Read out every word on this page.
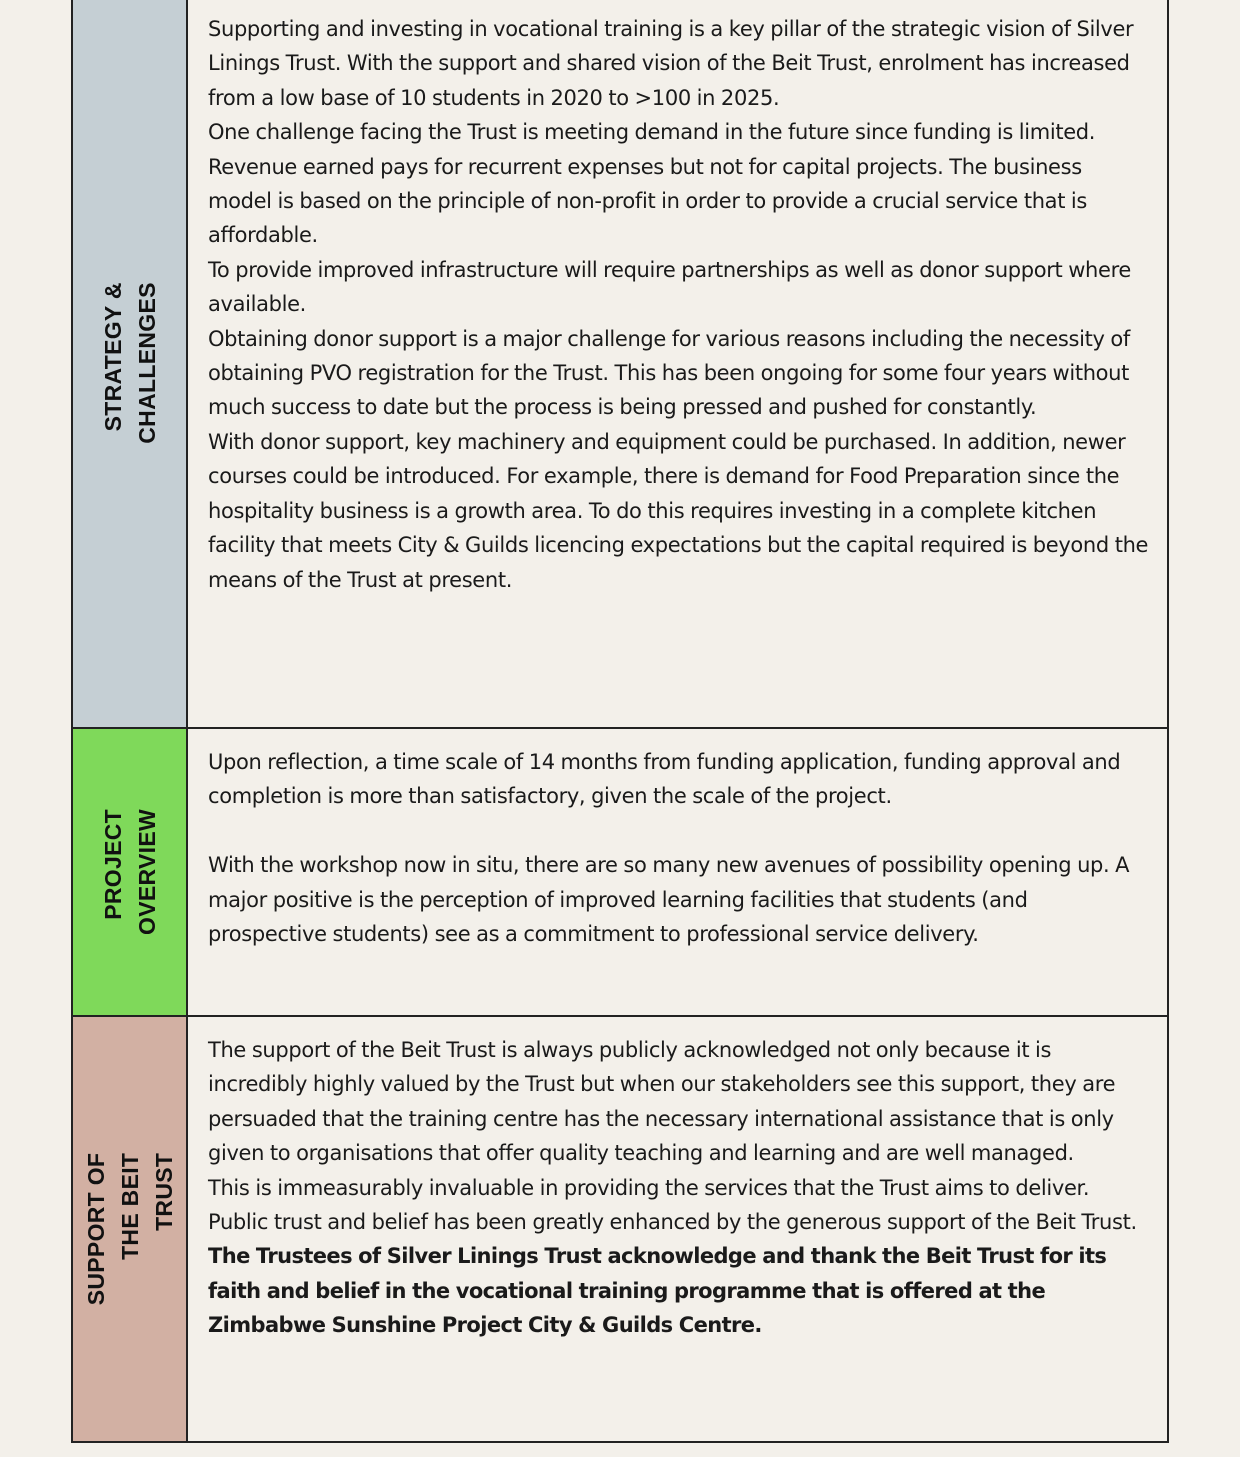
STRATEGY &
CHALLENGES

Supporting and investing in vocational training is a key pillar of the strategic vision of Silver Linings Trust. With the support and shared vision of the Beit Trust, enrolment has increased from a low base of 10 students in 2020 to >100 in 2025.

One challenge facing the Trust is meeting demand in the future since funding is limited. Revenue earned pays for recurrent expenses but not for capital projects. The business model is based on the principle of non-profit in order to provide a crucial service that is affordable.

To provide improved infrastructure will require partnerships as well as donor support where available.

Obtaining donor support is a major challenge for various reasons including the necessity of obtaining PVO registration for the Trust. This has been ongoing for some four years without much success to date but the process is being pressed and pushed for constantly.

With donor support, key machinery and equipment could be purchased. In addition, newer courses could be introduced. For example, there is demand for Food Preparation since the hospitality business is a growth area. To do this requires investing in a complete kitchen facility that meets City & Guilds licencing expectations but the capital required is beyond the means of the Trust at present.

PROJECT
OVERVIEW

Upon reflection, a time scale of 14 months from funding application, funding approval and completion is more than satisfactory, given the scale of the project.

With the workshop now in situ, there are so many new avenues of possibility opening up. A major positive is the perception of improved learning facilities that students (and prospective students) see as a commitment to professional service delivery.

SUPPORT OF
THE BEIT
TRUST

The support of the Beit Trust is always publicly acknowledged not only because it is incredibly highly valued by the Trust but when our stakeholders see this support, they are persuaded that the training centre has the necessary international assistance that is only given to organisations that offer quality teaching and learning and are well managed.

This is immeasurably invaluable in providing the services that the Trust aims to deliver. Public trust and belief has been greatly enhanced by the generous support of the Beit Trust.

The Trustees of Silver Linings Trust acknowledge and thank the Beit Trust for its faith and belief in the vocational training programme that is offered at the Zimbabwe Sunshine Project City & Guilds Centre.
